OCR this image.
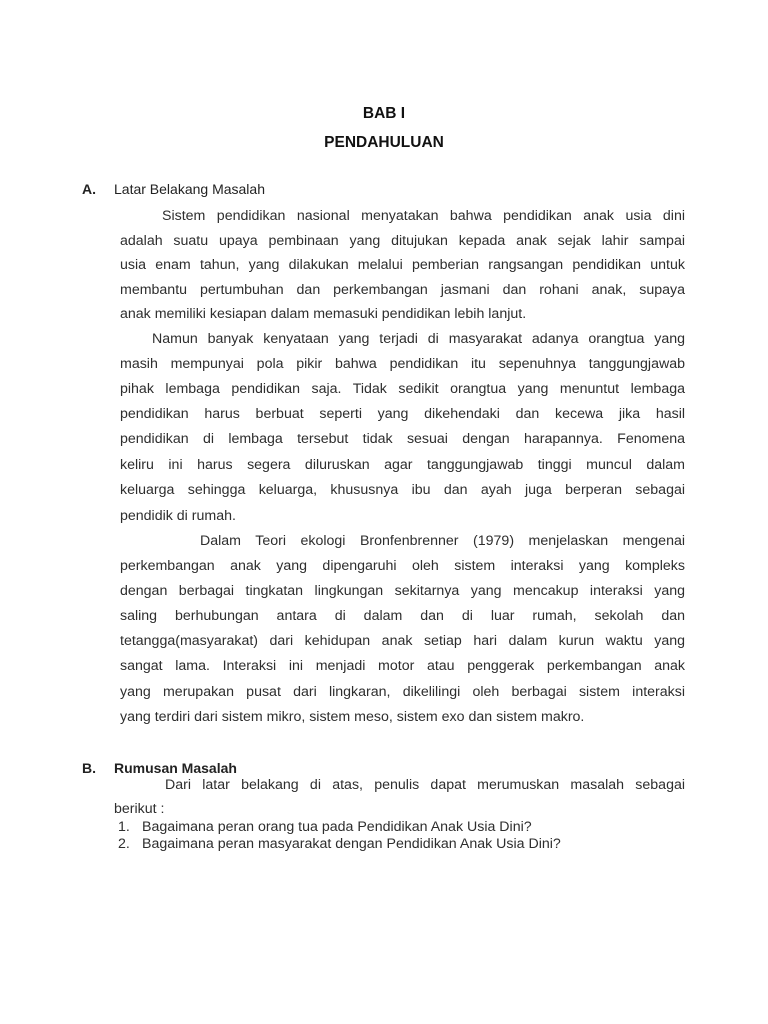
BAB I
PENDAHULUAN
A. Latar Belakang Masalah
Sistem pendidikan nasional menyatakan bahwa pendidikan anak usia dini
adalah suatu upaya pembinaan yang ditujukan kepada anak sejak lahir sampai
usia enam tahun, yang dilakukan melalui pemberian rangsangan pendidikan untuk
membantu pertumbuhan dan perkembangan jasmani dan rohani anak, supaya
anak memiliki kesiapan dalam memasuki pendidikan lebih lanjut.
Namun banyak kenyataan yang terjadi di masyarakat adanya orangtua yang
masih mempunyai pola pikir bahwa pendidikan itu sepenuhnya tanggungjawab
pihak lembaga pendidikan saja. Tidak sedikit orangtua yang menuntut lembaga
pendidikan harus berbuat seperti yang dikehendaki dan kecewa jika hasil
pendidikan di lembaga tersebut tidak sesuai dengan harapannya. Fenomena
keliru ini harus segera diluruskan agar tanggungjawab tinggi muncul dalam
keluarga sehingga keluarga, khususnya ibu dan ayah juga berperan sebagai
pendidik di rumah.
Dalam Teori ekologi Bronfenbrenner (1979) menjelaskan mengenai
perkembangan anak yang dipengaruhi oleh sistem interaksi yang kompleks
dengan berbagai tingkatan lingkungan sekitarnya yang mencakup interaksi yang
saling berhubungan antara di dalam dan di luar rumah, sekolah dan
tetangga(masyarakat) dari kehidupan anak setiap hari dalam kurun waktu yang
sangat lama. Interaksi ini menjadi motor atau penggerak perkembangan anak
yang merupakan pusat dari lingkaran, dikelilingi oleh berbagai sistem interaksi
yang terdiri dari sistem mikro, sistem meso, sistem exo dan sistem makro.
B. Rumusan Masalah
Dari latar belakang di atas, penulis dapat merumuskan masalah sebagai
berikut :
1. Bagaimana peran orang tua pada Pendidikan Anak Usia Dini?
2. Bagaimana peran masyarakat dengan Pendidikan Anak Usia Dini?
